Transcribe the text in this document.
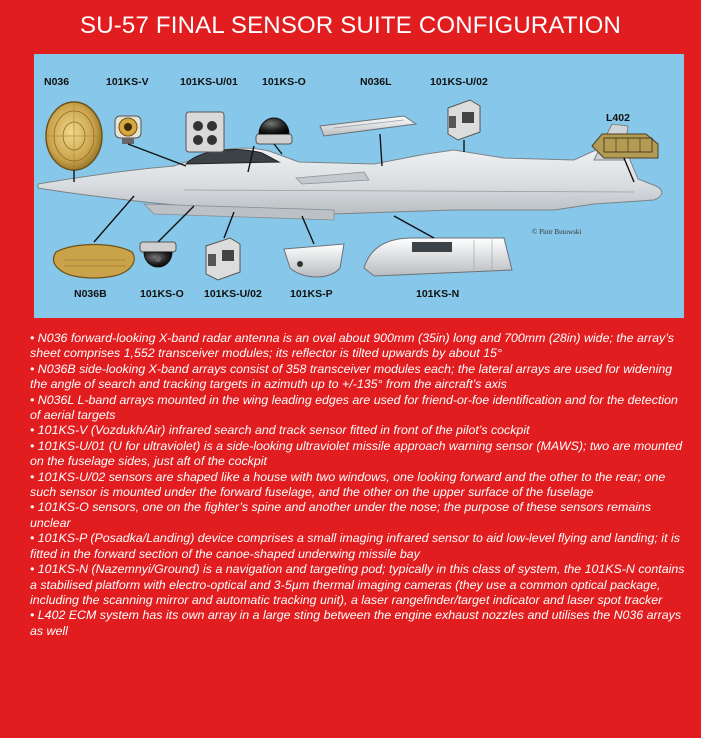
SU-57 FINAL SENSOR SUITE CONFIGURATION
N036	101KS-V	101KS-U/01 101KS-O	N036L	101KS-U/02
L402
N036B	101KS-O 101KS-U/02	101KS-P	101KS-N
© Piotr Butowski

• N036 forward-looking X-band radar antenna is an oval about 900mm (35in) long and 700mm (28in) wide; the array’s sheet comprises 1,552 transceiver modules; its reflector is tilted upwards by about 15°

• N036B side-looking X-band arrays consist of 358 transceiver modules each; the lateral arrays are used for widening the angle of search and tracking targets in azimuth up to +/-135° from the aircraft’s axis

• N036L L-band arrays mounted in the wing leading edges are used for friend-or-foe identification and for the detection of aerial targets

• 101KS-V (Vozdukh/Air) infrared search and track sensor fitted in front of the pilot’s cockpit

• 101KS-U/01 (U for ultraviolet) is a side-looking ultraviolet missile approach warning sensor (MAWS); two are mounted on the fuselage sides, just aft of the cockpit

• 101KS-U/02 sensors are shaped like a house with two windows, one looking forward and the other to the rear; one such sensor is mounted under the forward fuselage, and the other on the upper surface of the fuselage

• 101KS-O sensors, one on the fighter’s spine and another under the nose; the purpose of these sensors remains unclear

• 101KS-P (Posadka/Landing) device comprises a small imaging infrared sensor to aid low-level flying and landing; it is fitted in the forward section of the canoe-shaped underwing missile bay

• 101KS-N (Nazemnyi/Ground) is a navigation and targeting pod; typically in this class of system, the 101KS-N contains a stabilised platform with electro-optical and 3-5µm thermal imaging cameras (they use a common optical package, including the scanning mirror and automatic tracking unit), a laser rangefinder/target indicator and laser spot tracker

• L402 ECM system has its own array in a large sting between the engine exhaust nozzles and utilises the N036 arrays as well
